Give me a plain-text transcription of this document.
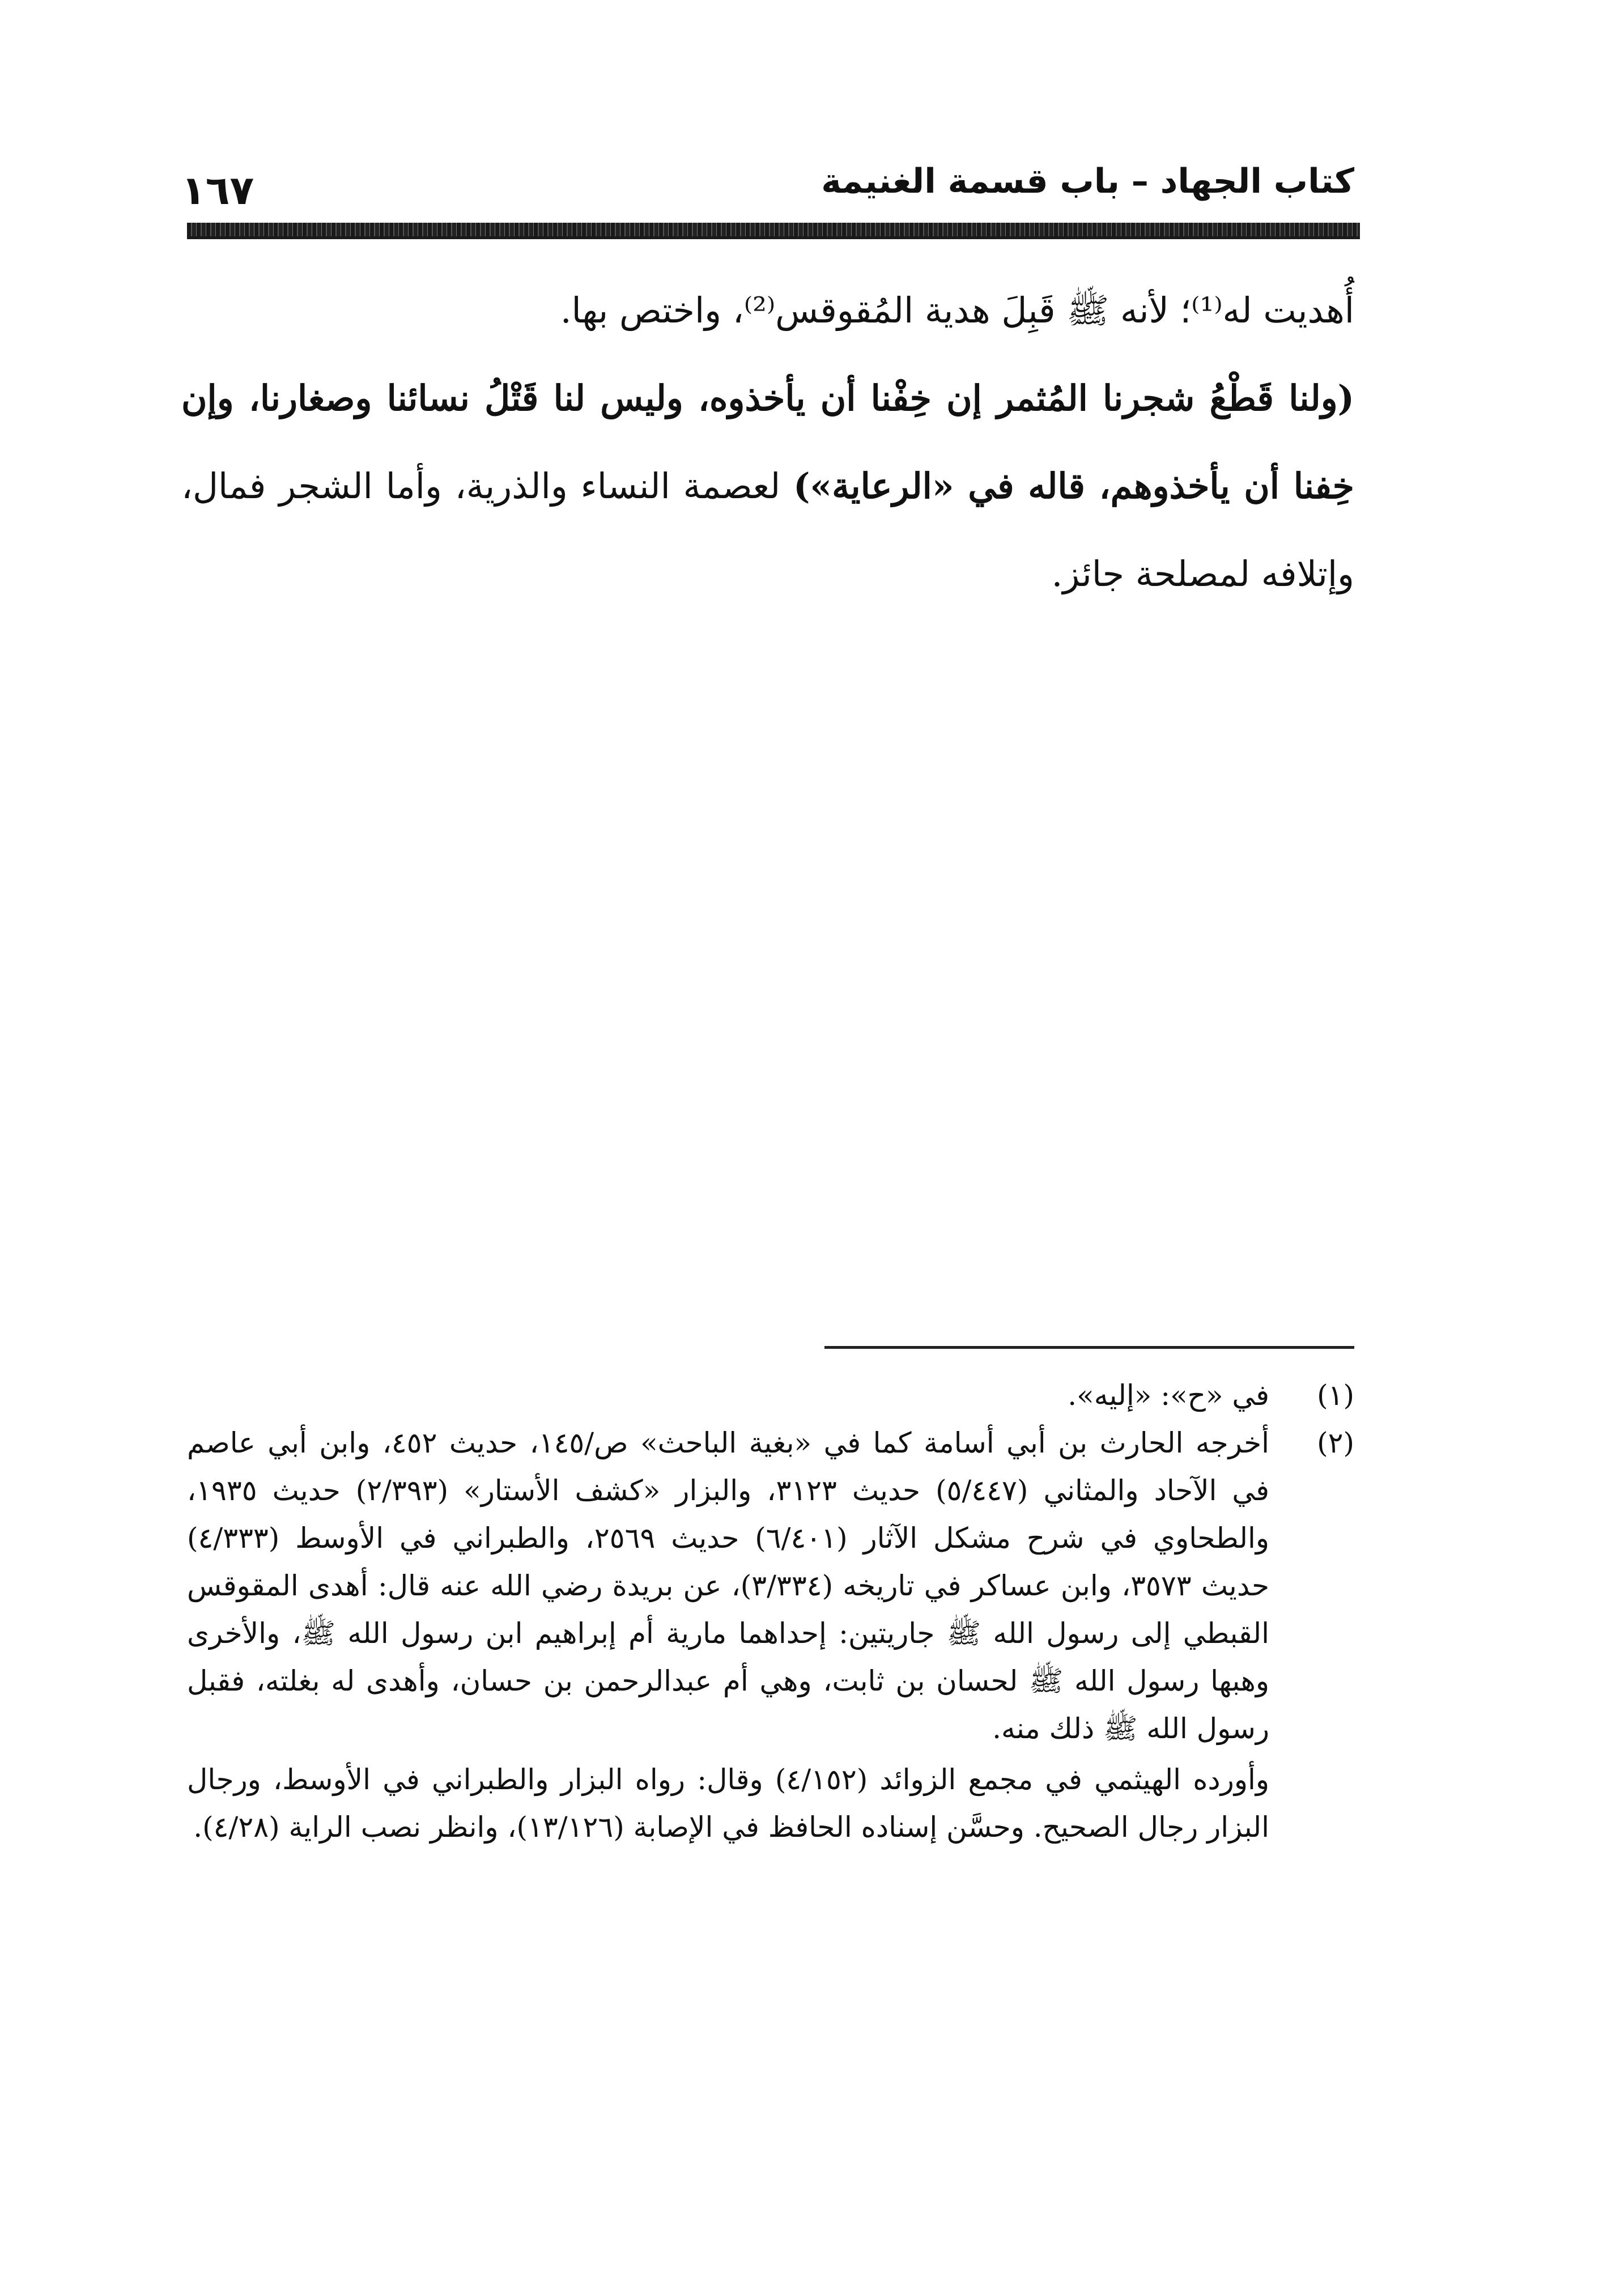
١٦٧	كتاب الجهاد – باب قسمة الغنيمة

أُهديت له⁽¹⁾؛ لأنه ﷺ قَبِلَ هدية المُقوقس⁽²⁾، واختص بها.

(ولنا قَطْعُ شجرنا المُثمر إن خِفْنا أن يأخذوه، وليس لنا قَتْلُ نسائنا وصغارنا، وإن خِفنا أن يأخذوهم، قاله في «الرعاية») لعصمة النساء والذرية، وأما الشجر فمال، وإتلافه لمصلحة جائز.

(١)

في «ح»: «إليه».

(٢)

أخرجه الحارث بن أبي أسامة كما في «بغية الباحث» ص/١٤٥، حديث ٤٥٢، وابن أبي عاصم في الآحاد والمثاني (٥/٤٤٧) حديث ٣١٢٣، والبزار «كشف الأستار» (٢/٣٩٣) حديث ١٩٣٥، والطحاوي في شرح مشكل الآثار (٦/٤٠١) حديث ٢٥٦٩، والطبراني في الأوسط (٤/٣٣٣) حديث ٣٥٧٣، وابن عساكر في تاريخه (٣/٣٣٤)، عن بريدة رضي الله عنه قال: أهدى المقوقس القبطي إلى رسول الله ﷺ جاريتين: إحداهما مارية أم إبراهيم ابن رسول الله ﷺ، والأخرى وهبها رسول الله ﷺ لحسان بن ثابت، وهي أم عبدالرحمن بن حسان، وأهدى له بغلته، فقبل رسول الله ﷺ ذلك منه.

وأورده الهيثمي في مجمع الزوائد (٤/١٥٢) وقال: رواه البزار والطبراني في الأوسط، ورجال البزار رجال الصحيح. وحسَّن إسناده الحافظ في الإصابة (١٣/١٢٦)، وانظر نصب الراية (٤/٢٨).
